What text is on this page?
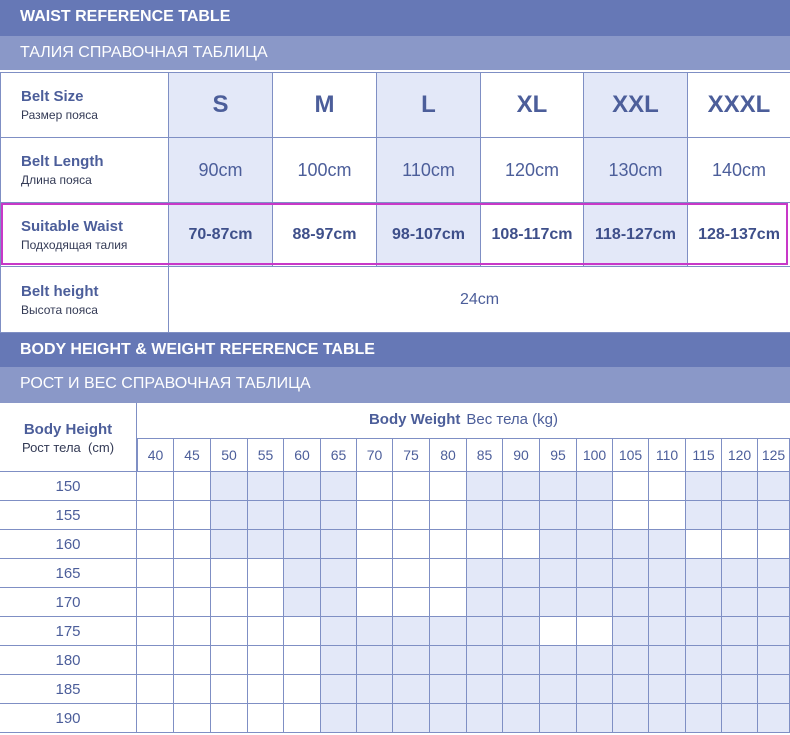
WAIST REFERENCE TABLE
ТАЛИЯ СПРАВОЧНАЯ ТАБЛИЦА
Belt Size
Размер пояса	S	M	L	XL	XXL	XXXL

Belt Length
Длина пояса	90cm	100cm	110cm	120cm	130cm	140cm

Suitable Waist
Подходящая талия	70-87cm	88-97cm	98-107cm	108-117cm	118-127cm	128-137cm

Belt height
Высота пояса	24cm					
BODY HEIGHT & WEIGHT REFERENCE TABLE
РОСТ И ВЕС СПРАВОЧНАЯ ТАБЛИЦА
Body Height
Рост тела (cm)
Body Weight Вес тела (kg)
40	45	50	55	60	65	70	75	80	85	90	95	100 105 110	115 120 125
150
155
160
165
170
175
180
185
190
